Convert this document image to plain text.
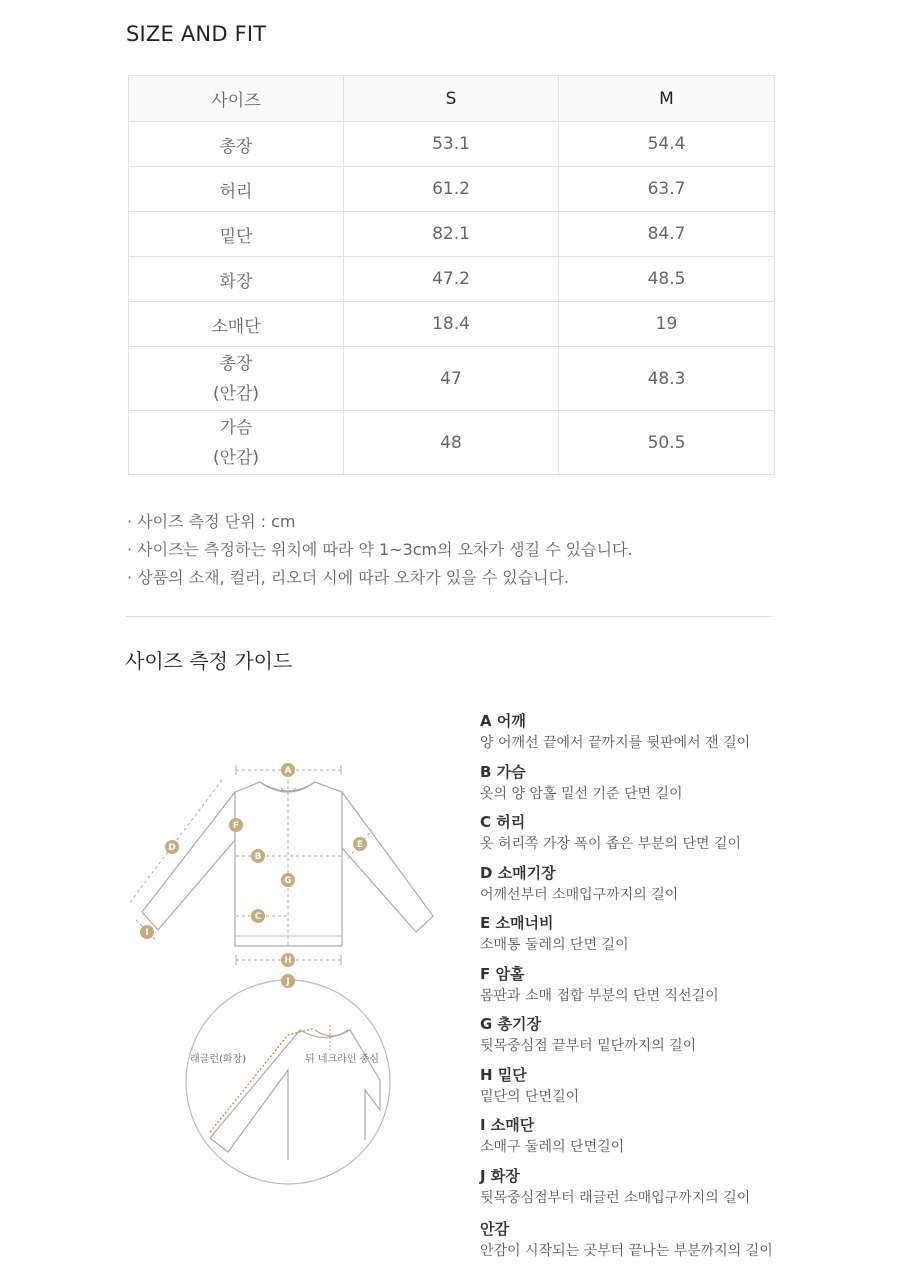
SIZE AND FIT
사이즈	S	M
총장	53.1	54.4
허리	61.2	63.7
밑단	82.1	84.7
화장	47.2	48.5
소매단	18.4	19
총장
(안감)	47	48.3
가슴
(안감)	48	50.5
· 사이즈 측정 단위 : cm
· 사이즈는 측정하는 위치에 따라 약 1~3cm의 오차가 생길 수 있습니다.
· 상품의 소재, 컬러, 리오더 시에 따라 오차가 있을 수 있습니다.
사이즈 측정 가이드
래글런(화장)	뒤 네크라인 중심
A
B
C
D	E
F
G
H
I
J
A 어깨
양 어깨선 끝에서 끝까지를 뒷판에서 잰 길이
B 가슴
옷의 양 암홀 밑선 기준 단면 길이
C 허리
옷 허리쪽 가장 폭이 좁은 부분의 단면 길이
D 소매기장
어깨선부터 소매입구까지의 길이
E 소매너비
소매통 둘레의 단면 길이
F 암홀
몸판과 소매 접합 부분의 단면 직선길이
G 총기장
뒷목중심점 끝부터 밑단까지의 길이
H 밑단
밑단의 단면길이
I 소매단
소매구 둘레의 단면길이
J 화장
뒷목중심점부터 래글런 소매입구까지의 길이
안감
안감이 시작되는 곳부터 끝나는 부분까지의 길이
